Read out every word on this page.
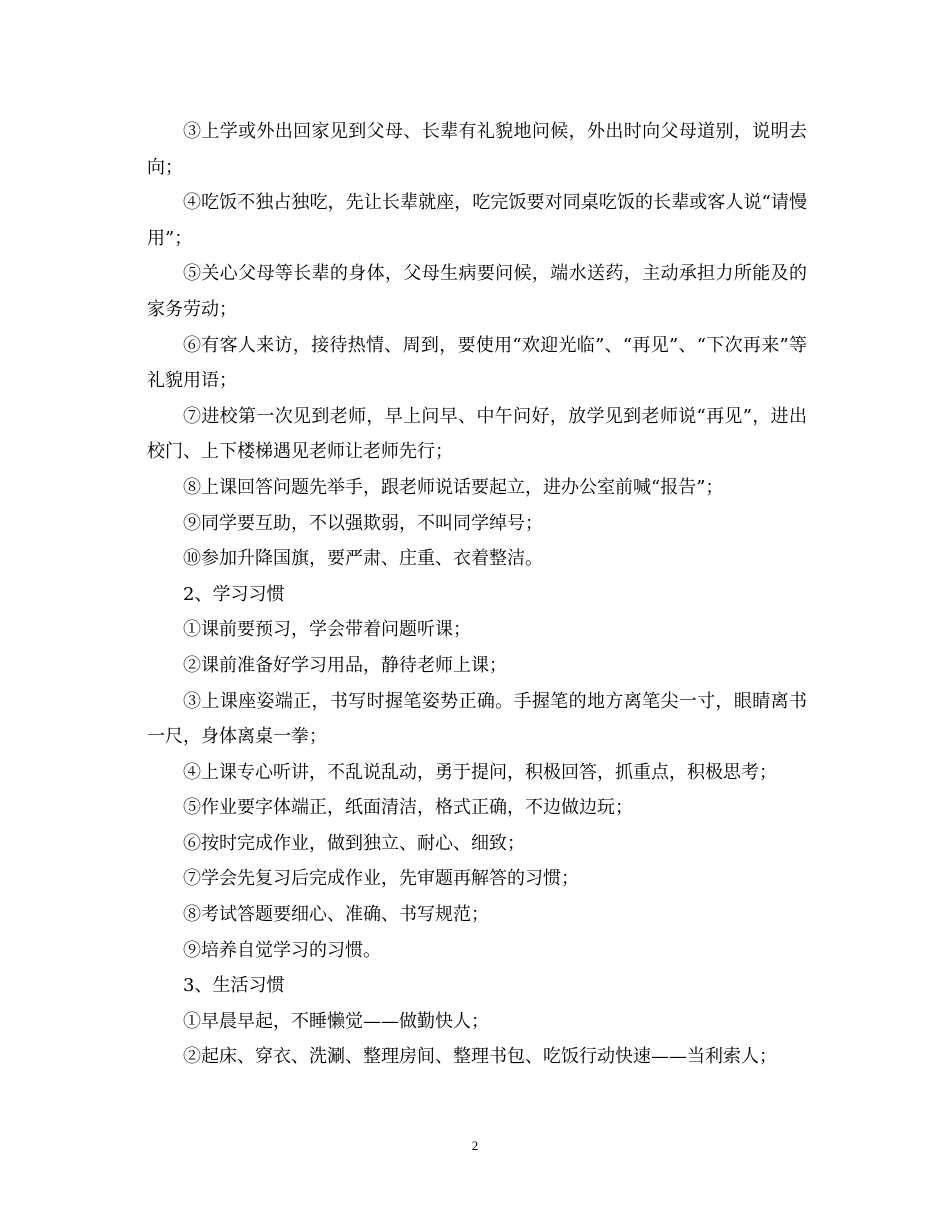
③上学或外出回家见到父母、长辈有礼貌地问候，外出时向父母道别，说明去向；

④吃饭不独占独吃，先让长辈就座，吃完饭要对同桌吃饭的长辈或客人说“请慢用”；

⑤关心父母等长辈的身体，父母生病要问候，端水送药，主动承担力所能及的家务劳动；

⑥有客人来访，接待热情、周到，要使用“欢迎光临”、“再见”、“下次再来”等礼貌用语；

⑦进校第一次见到老师，早上问早、中午问好，放学见到老师说“再见”，进出校门、上下楼梯遇见老师让老师先行；

⑧上课回答问题先举手，跟老师说话要起立，进办公室前喊“报告”；

⑨同学要互助，不以强欺弱，不叫同学绰号；

⑩参加升降国旗，要严肃、庄重、衣着整洁。

2、学习习惯

①课前要预习，学会带着问题听课；

②课前准备好学习用品，静待老师上课；

③上课座姿端正，书写时握笔姿势正确。手握笔的地方离笔尖一寸，眼睛离书一尺，身体离桌一拳；

④上课专心听讲，不乱说乱动，勇于提问，积极回答，抓重点，积极思考；

⑤作业要字体端正，纸面清洁，格式正确，不边做边玩；

⑥按时完成作业，做到独立、耐心、细致；

⑦学会先复习后完成作业，先审题再解答的习惯；

⑧考试答题要细心、准确、书写规范；

⑨培养自觉学习的习惯。

3、生活习惯

①早晨早起，不睡懒觉——做勤快人；

②起床、穿衣、洗涮、整理房间、整理书包、吃饭行动快速——当利索人；

2
